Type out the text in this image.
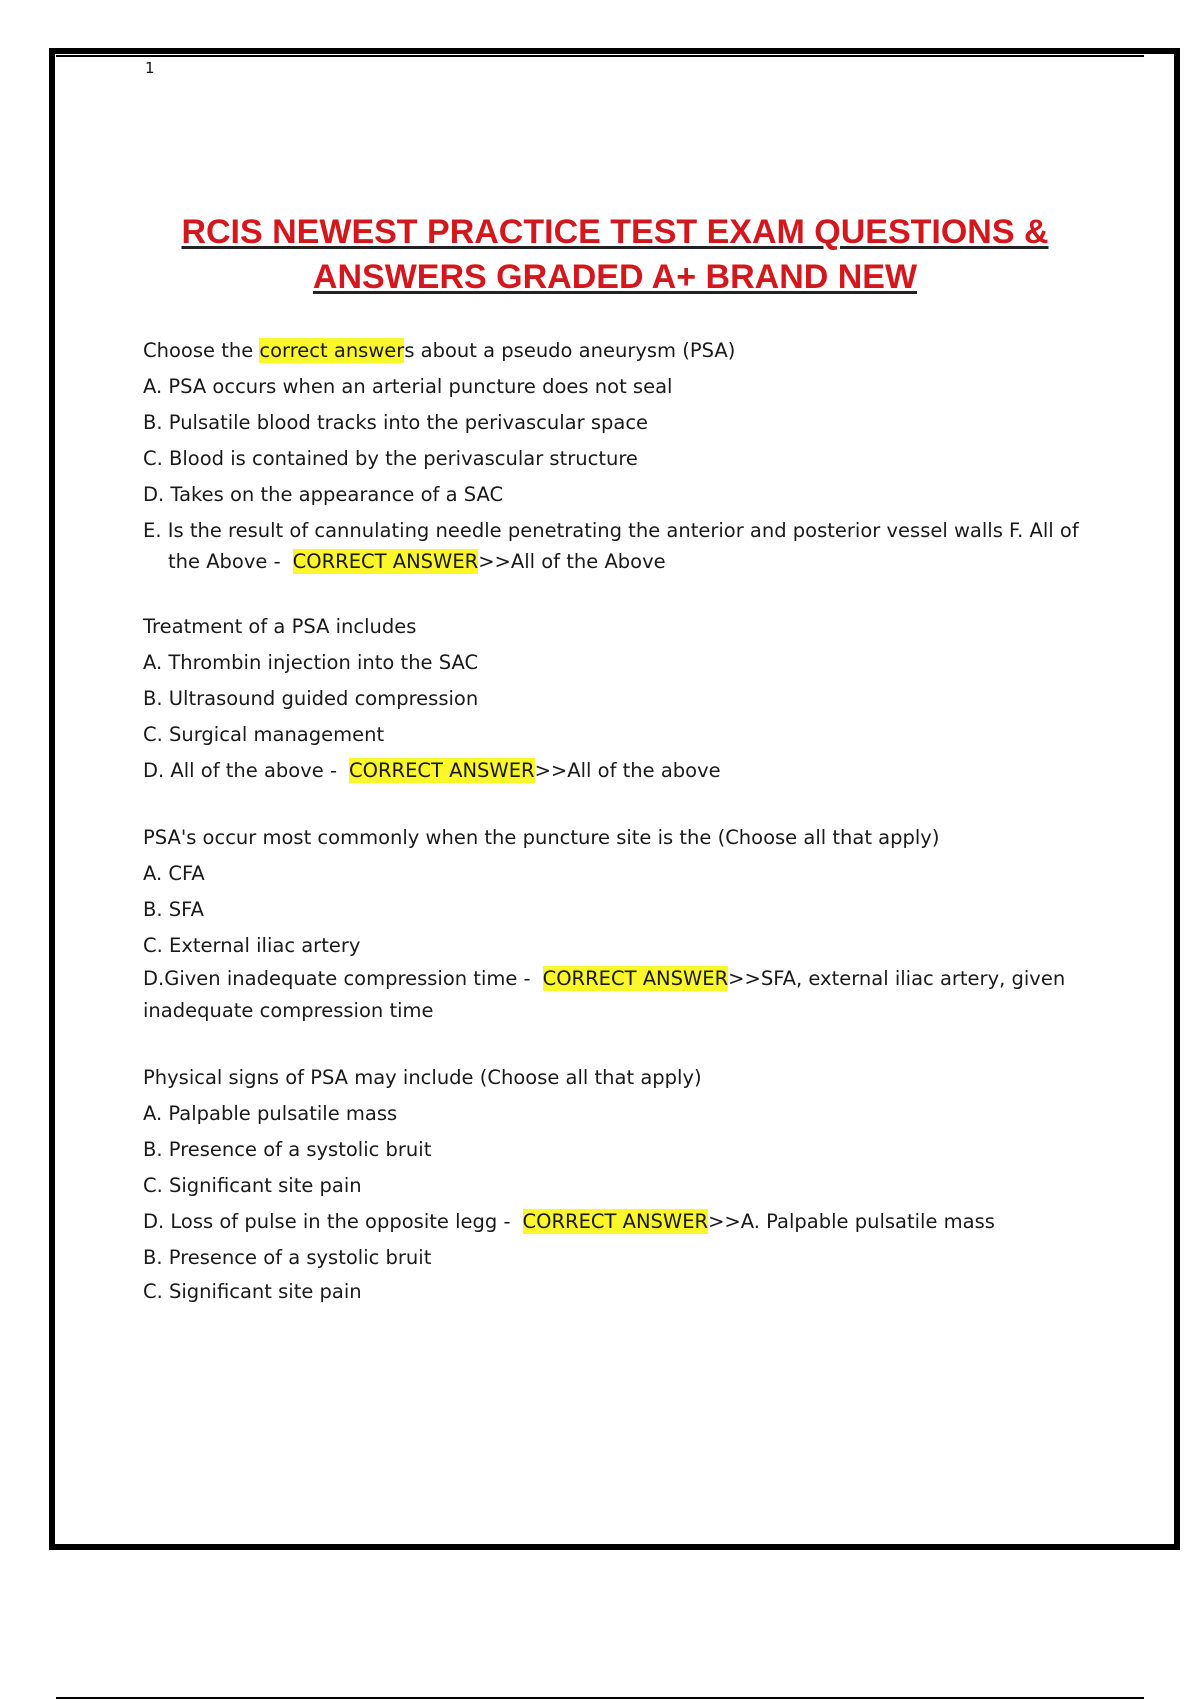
1
RCIS NEWEST PRACTICE TEST EXAM QUESTIONS &
ANSWERS GRADED A+ BRAND NEW
Choose the correct answers about a pseudo aneurysm (PSA)
A. PSA occurs when an arterial puncture does not seal
B. Pulsatile blood tracks into the perivascular space
C. Blood is contained by the perivascular structure
D. Takes on the appearance of a SAC
E. Is the result of cannulating needle penetrating the anterior and posterior vessel walls F. All of
the Above - CORRECT ANSWER>>All of the Above
Treatment of a PSA includes
A. Thrombin injection into the SAC
B. Ultrasound guided compression
C. Surgical management
D. All of the above - CORRECT ANSWER>>All of the above
PSA's occur most commonly when the puncture site is the (Choose all that apply)
A. CFA
B. SFA
C. External iliac artery
D.Given inadequate compression time - CORRECT ANSWER>>SFA, external iliac artery, given
inadequate compression time
Physical signs of PSA may include (Choose all that apply)
A. Palpable pulsatile mass
B. Presence of a systolic bruit
C. Significant site pain
D. Loss of pulse in the opposite legg - CORRECT ANSWER>>A. Palpable pulsatile mass
B. Presence of a systolic bruit
C. Significant site pain
